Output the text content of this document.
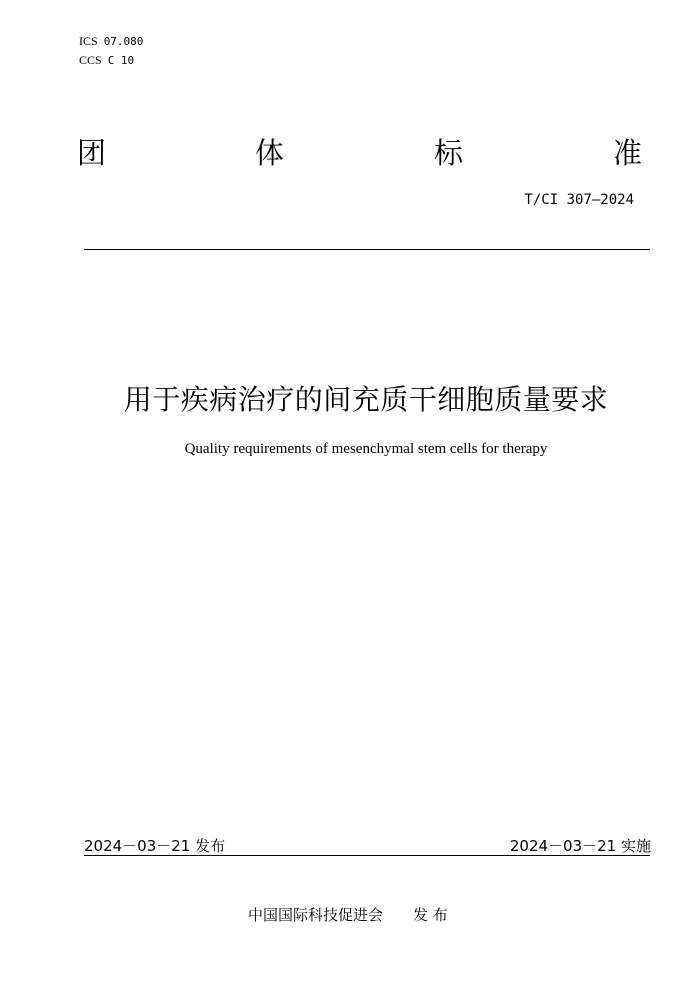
ICS 07.080
CCS C 10
团	体	标	准
T/CI 307—2024
用于疾病治疗的间充质干细胞质量要求
Quality requirements of mesenchymal stem cells for therapy
2024－03－21 发布	2024－03－21 实施
中国国际科技促进会 发 布
